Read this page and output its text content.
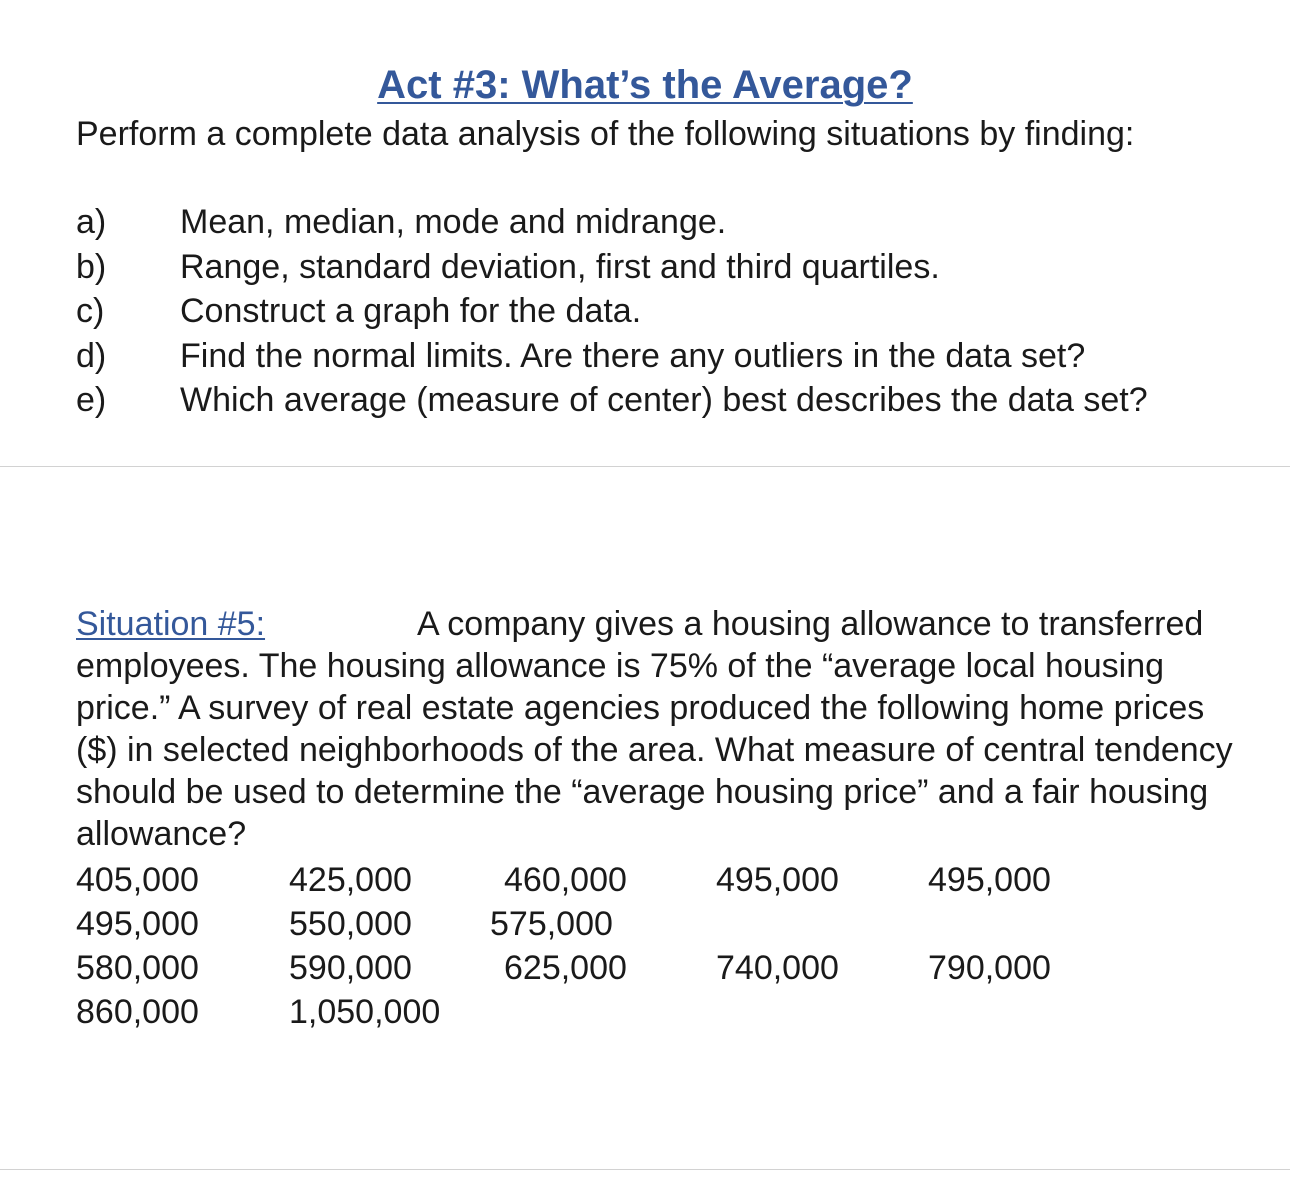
Act #3: What’s the Average?

Perform a complete data analysis of the following situations by finding:

a)	Mean, median, mode and midrange.
b)	Range, standard deviation, first and third quartiles.
c)	Construct a graph for the data.
d)	Find the normal limits. Are there any outliers in the data set?
e)	Which average (measure of center) best describes the data set?

Situation #5:	A company gives a housing allowance to transferred employees. The housing allowance is 75% of the “average local housing price.” A survey of real estate agencies produced the following home prices ($) in selected neighborhoods of the area. What measure of central tendency should be used to determine the “average housing price” and a fair housing allowance?

405,000	425,000	460,000	495,000	495,000
495,000	550,000 575,000
580,000	590,000	625,000	740,000	790,000
860,000	1,050,000
